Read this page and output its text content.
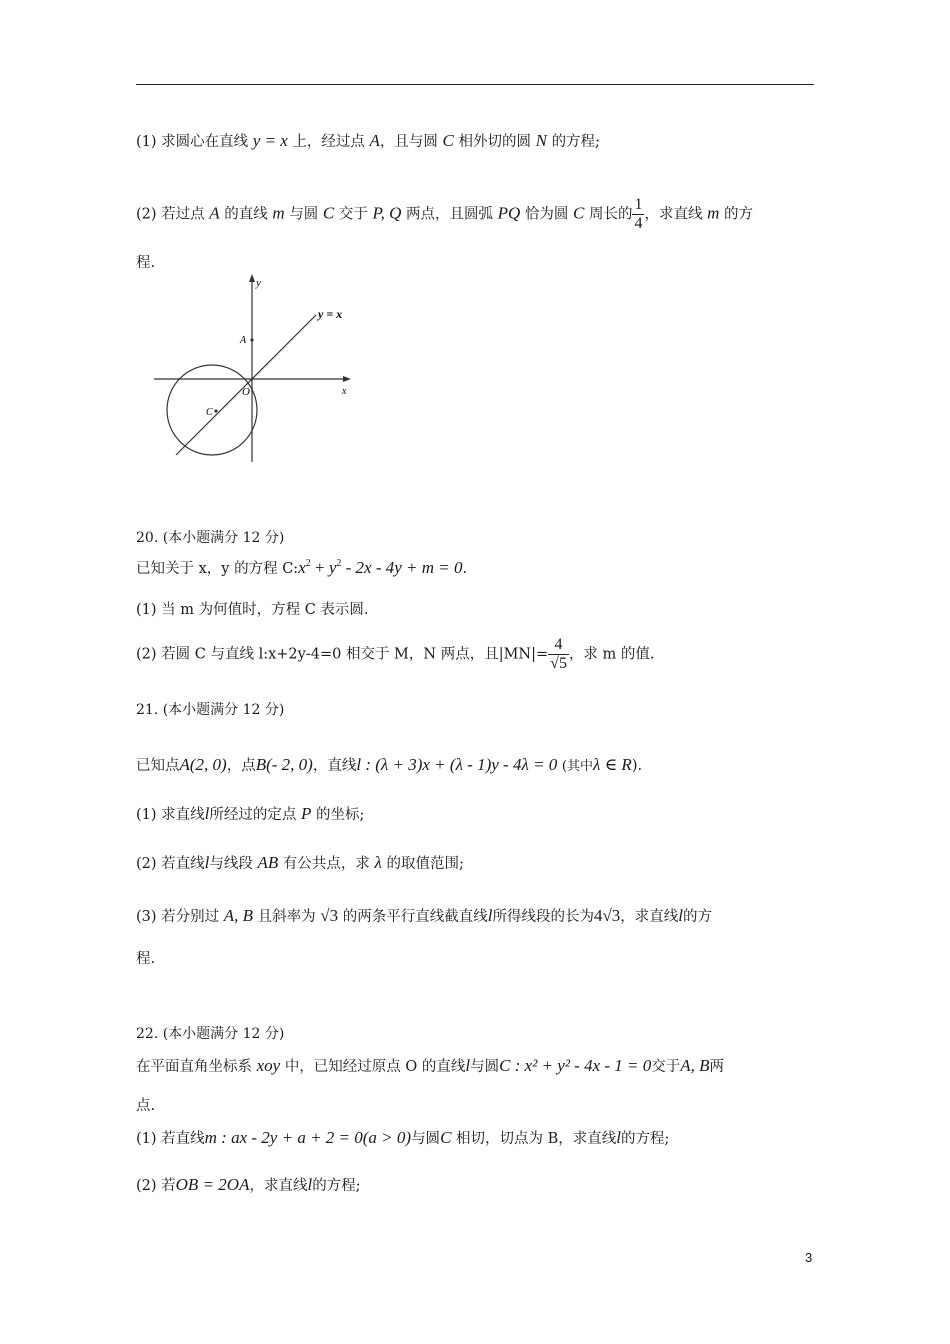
(1) 求圆心在直线 y = x 上，经过点 A，且与圆 C 相外切的圆 N 的方程;
(2) 若过点 A 的直线 m 与圆 C 交于 P, Q 两点，且圆弧 PQ 恰为圆 C 周长的 $\frac{1}{4}$ ，求直线 m 的方
程.
y
x
y = x
A
C
O
20. (本小题满分 12 分)
已知关于 x，y 的方程 $C:x^2 + y^2 - 2x - 4y + m = 0$.
(1) 当 m 为何值时，方程 C 表示圆.
(2) 若圆 C 与直线 l:x+2y-4=0 相交于 M，N 两点，且$|MN|= \frac{4}{√5}$ ，求 m 的值.
21. (本小题满分 12 分)
已知点A(2, 0)，点B(- 2, 0)，直线l : (λ + 3)x + (λ - 1)y - 4λ = 0 (其中λ ∈ R).
(1) 求直线l所经过的定点 P 的坐标;
(2) 若直线l与线段 AB 有公共点，求 λ 的取值范围;
(3) 若分别过 A, B 且斜率为 √3 的两条平行直线截直线l所得线段的长为4√3，求直线l的方
程.
22. (本小题满分 12 分)
在平面直角坐标系 xoy 中，已知经过原点 O 的直线l与圆C : x² + y² - 4x - 1 = 0交于A, B两
点.
(1) 若直线m : ax - 2y + a + 2 = 0(a > 0)与圆C 相切，切点为 B，求直线l的方程;
(2) 若OB = 2OA，求直线l的方程;
3
